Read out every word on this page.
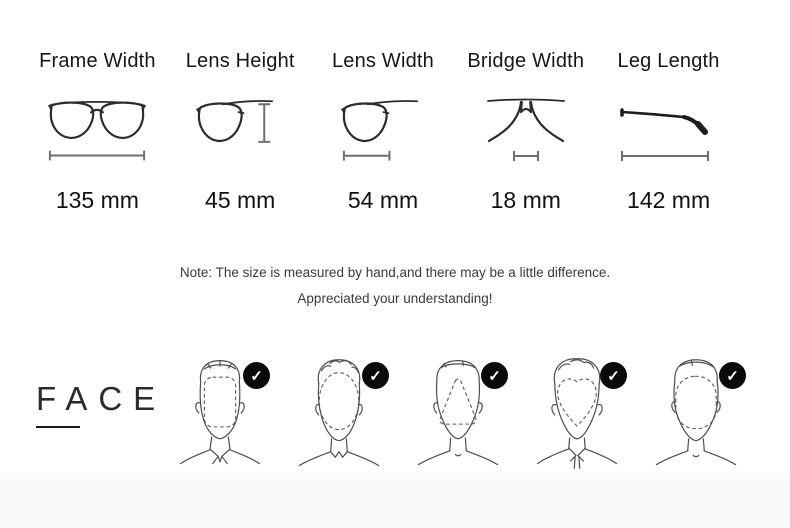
Frame Width
135 mm
Lens Height
45 mm
Lens Width
54 mm
Bridge Width
18 mm
Leg Length
142 mm
Note: The size is measured by hand,and there may be a little difference.
Appreciated your understanding!
FACE
✓	✓	✓	✓	✓
